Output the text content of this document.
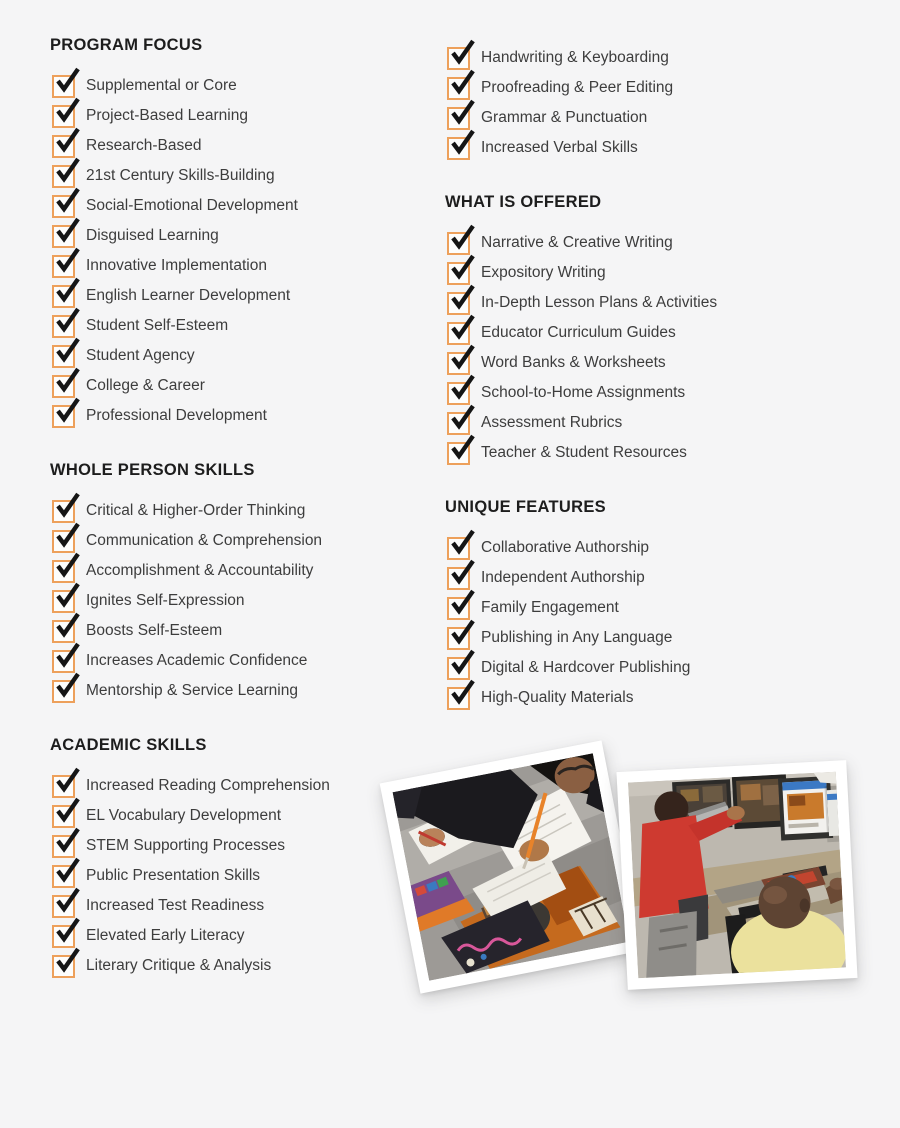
PROGRAM FOCUS
Supplemental or Core
Project-Based Learning
Research-Based
21st Century Skills-Building
Social-Emotional Development
Disguised Learning
Innovative Implementation
English Learner Development
Student Self-Esteem
Student Agency
College & Career
Professional Development
WHOLE PERSON SKILLS
Critical & Higher-Order Thinking
Communication & Comprehension
Accomplishment & Accountability
Ignites Self-Expression
Boosts Self-Esteem
Increases Academic Confidence
Mentorship & Service Learning
ACADEMIC SKILLS
Increased Reading Comprehension
EL Vocabulary Development
STEM Supporting Processes
Public Presentation Skills
Increased Test Readiness
Elevated Early Literacy
Literary Critique & Analysis
Handwriting & Keyboarding
Proofreading & Peer Editing
Grammar & Punctuation
Increased Verbal Skills
WHAT IS OFFERED
Narrative & Creative Writing
Expository Writing
In-Depth Lesson Plans & Activities
Educator Curriculum Guides
Word Banks & Worksheets
School-to-Home Assignments
Assessment Rubrics
Teacher & Student Resources
UNIQUE FEATURES
Collaborative Authorship
Independent Authorship
Family Engagement
Publishing in Any Language
Digital & Hardcover Publishing
High-Quality Materials
